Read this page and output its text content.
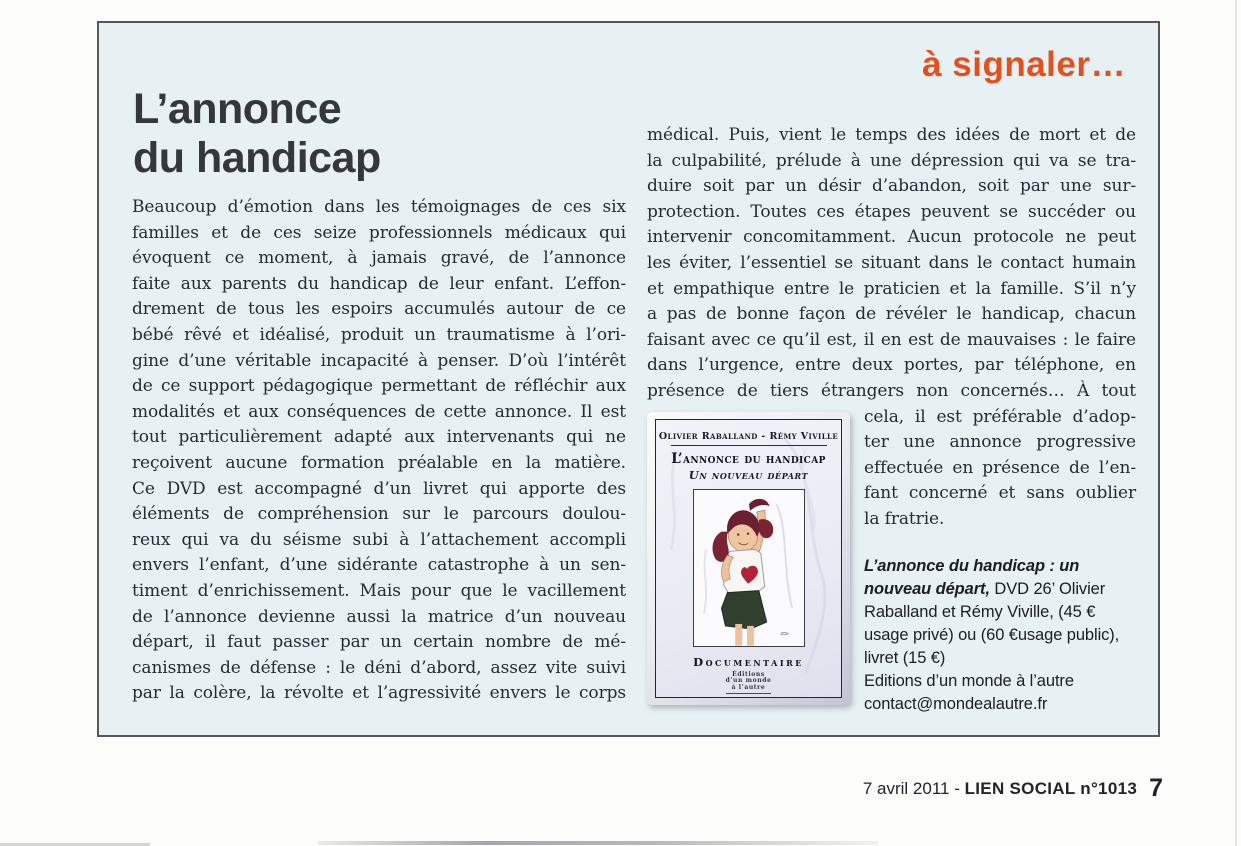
à signaler…
L’annonce
du handicap
Beaucoup d’émotion dans les témoignages de ces six
familles et de ces seize professionnels médicaux qui
évoquent ce moment, à jamais gravé, de l’annonce
faite aux parents du handicap de leur enfant. L’effon-
drement de tous les espoirs accumulés autour de ce
bébé rêvé et idéalisé, produit un traumatisme à l’ori-
gine d’une véritable incapacité à penser. D’où l’intérêt
de ce support pédagogique permettant de réfléchir aux
modalités et aux conséquences de cette annonce. Il est
tout particulièrement adapté aux intervenants qui ne
reçoivent aucune formation préalable en la matière.
Ce DVD est accompagné d’un livret qui apporte des
éléments de compréhension sur le parcours doulou-
reux qui va du séisme subi à l’attachement accompli
envers l’enfant, d’une sidérante catastrophe à un sen-
timent d’enrichissement. Mais pour que le vacillement
de l’annonce devienne aussi la matrice d’un nouveau
départ, il faut passer par un certain nombre de mé-
canismes de défense : le déni d’abord, assez vite suivi
par la colère, la révolte et l’agressivité envers le corps
médical. Puis, vient le temps des idées de mort et de
la culpabilité, prélude à une dépression qui va se tra-
duire soit par un désir d’abandon, soit par une sur-
protection. Toutes ces étapes peuvent se succéder ou
intervenir concomitamment. Aucun protocole ne peut
les éviter, l’essentiel se situant dans le contact humain
et empathique entre le praticien et la famille. S’il n’y
a pas de bonne façon de révéler le handicap, chacun
faisant avec ce qu’il est, il en est de mauvaises : le faire
dans l’urgence, entre deux portes, par téléphone, en
présence de tiers étrangers non concernés… À tout
Olivier Raballand - Rémy Viville
L’annonce du handicap
Un nouveau départ
Documentaire
Éditions
d’un monde
à l’autre
cela, il est préférable d’adop-
ter une annonce progressive
effectuée en présence de l’en-
fant concerné et sans oublier
la fratrie.
L’annonce du handicap : un nouveau départ, DVD 26’ Olivier Raballand et Rémy Viville, (45 € usage privé) ou (60 €usage public), livret (15 €)
Editions d’un monde à l’autre
contact@mondealautre.fr
7 avril 2011 - LIEN SOCIAL n°1013 7
